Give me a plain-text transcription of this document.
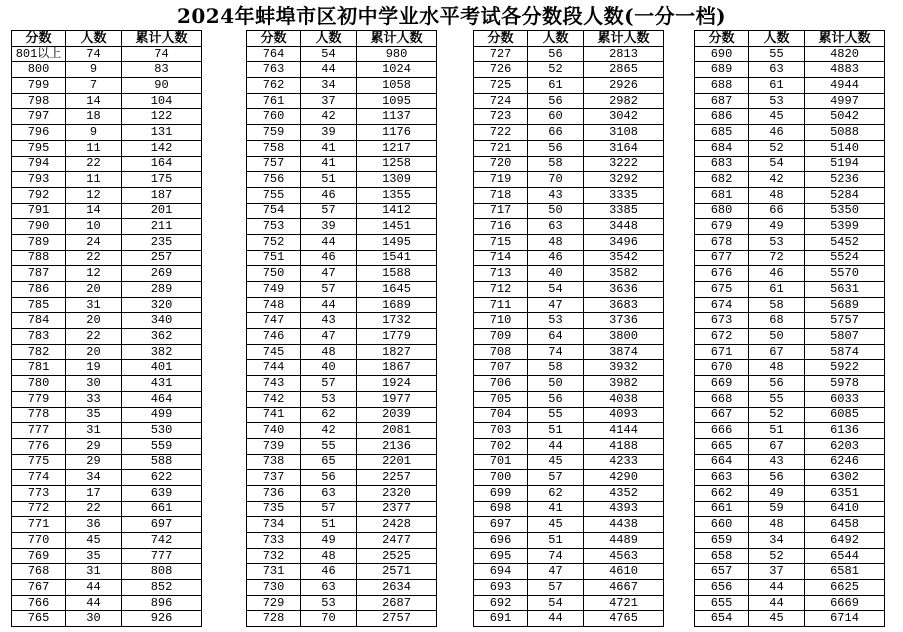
2024年蚌埠市区初中学业水平考试各分数段人数(一分一档)
分数	人数	累计人数
801以上	74	74
800	9	83
799	7	90
798	14	104
797	18	122
796	9	131
795	11	142
794	22	164
793	11	175
792	12	187
791	14	201
790	10	211
789	24	235
788	22	257
787	12	269
786	20	289
785	31	320
784	20	340
783	22	362
782	20	382
781	19	401
780	30	431
779	33	464
778	35	499
777	31	530
776	29	559
775	29	588
774	34	622
773	17	639
772	22	661
771	36	697
770	45	742
769	35	777
768	31	808
767	44	852
766	44	896
765	30	926
分数	人数	累计人数
764	54	980
763	44	1024
762	34	1058
761	37	1095
760	42	1137
759	39	1176
758	41	1217
757	41	1258
756	51	1309
755	46	1355
754	57	1412
753	39	1451
752	44	1495
751	46	1541
750	47	1588
749	57	1645
748	44	1689
747	43	1732
746	47	1779
745	48	1827
744	40	1867
743	57	1924
742	53	1977
741	62	2039
740	42	2081
739	55	2136
738	65	2201
737	56	2257
736	63	2320
735	57	2377
734	51	2428
733	49	2477
732	48	2525
731	46	2571
730	63	2634
729	53	2687
728	70	2757
分数	人数	累计人数
727	56	2813
726	52	2865
725	61	2926
724	56	2982
723	60	3042
722	66	3108
721	56	3164
720	58	3222
719	70	3292
718	43	3335
717	50	3385
716	63	3448
715	48	3496
714	46	3542
713	40	3582
712	54	3636
711	47	3683
710	53	3736
709	64	3800
708	74	3874
707	58	3932
706	50	3982
705	56	4038
704	55	4093
703	51	4144
702	44	4188
701	45	4233
700	57	4290
699	62	4352
698	41	4393
697	45	4438
696	51	4489
695	74	4563
694	47	4610
693	57	4667
692	54	4721
691	44	4765
分数	人数	累计人数
690	55	4820
689	63	4883
688	61	4944
687	53	4997
686	45	5042
685	46	5088
684	52	5140
683	54	5194
682	42	5236
681	48	5284
680	66	5350
679	49	5399
678	53	5452
677	72	5524
676	46	5570
675	61	5631
674	58	5689
673	68	5757
672	50	5807
671	67	5874
670	48	5922
669	56	5978
668	55	6033
667	52	6085
666	51	6136
665	67	6203
664	43	6246
663	56	6302
662	49	6351
661	59	6410
660	48	6458
659	34	6492
658	52	6544
657	37	6581
656	44	6625
655	44	6669
654	45	6714
